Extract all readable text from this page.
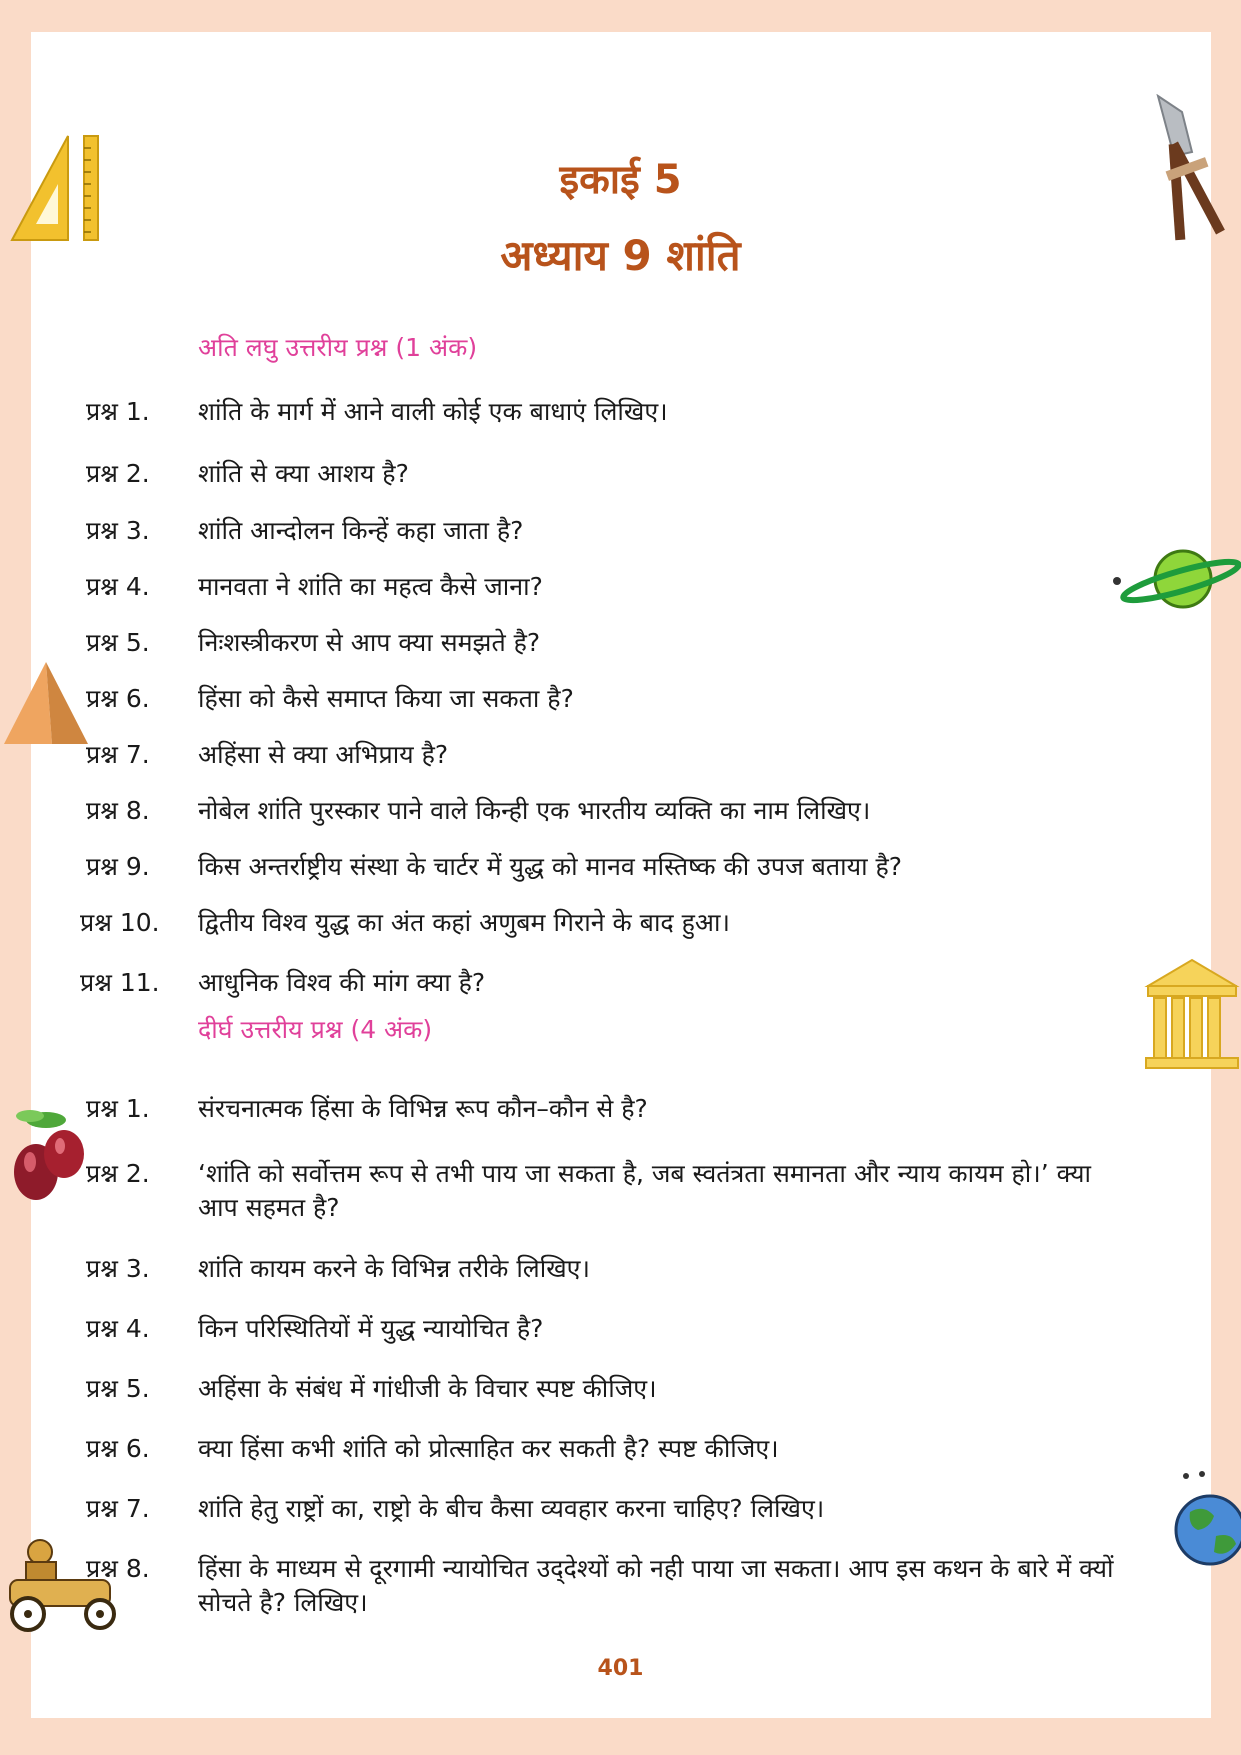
इकाई 5
अध्याय 9 शांति
अति लघु उत्तरीय प्रश्न (1 अंक)
प्रश्न 1.	शांति के मार्ग में आने वाली कोई एक बाधाएं लिखिए।
प्रश्न 2.	शांति से क्या आशय है?
प्रश्न 3.	शांति आन्दोलन किन्हें कहा जाता है?
प्रश्न 4.	मानवता ने शांति का महत्व कैसे जाना?
प्रश्न 5.	निःशस्त्रीकरण से आप क्या समझते है?
प्रश्न 6.	हिंसा को कैसे समाप्त किया जा सकता है?
प्रश्न 7.	अहिंसा से क्या अभिप्राय है?
प्रश्न 8.	नोबेल शांति पुरस्कार पाने वाले किन्ही एक भारतीय व्यक्ति का नाम लिखिए।
प्रश्न 9.	किस अन्तर्राष्ट्रीय संस्था के चार्टर में युद्ध को मानव मस्तिष्क की उपज बताया है?
प्रश्न 10.	द्वितीय विश्व युद्ध का अंत कहां अणुबम गिराने के बाद हुआ।
प्रश्न 11.	आधुनिक विश्व की मांग क्या है?
दीर्घ उत्तरीय प्रश्न (4 अंक)
प्रश्न 1.	संरचनात्मक हिंसा के विभिन्न रूप कौन–कौन से है?
प्रश्न 2.	‘शांति को सर्वोत्तम रूप से तभी पाय जा सकता है, जब स्वतंत्रता समानता और न्याय कायम हो।’ क्या आप सहमत है?
प्रश्न 3.	शांति कायम करने के विभिन्न तरीके लिखिए।
प्रश्न 4.	किन परिस्थितियों में युद्ध न्यायोचित है?
प्रश्न 5.	अहिंसा के संबंध में गांधीजी के विचार स्पष्ट कीजिए।
प्रश्न 6.	क्या हिंसा कभी शांति को प्रोत्साहित कर सकती है? स्पष्ट कीजिए।
प्रश्न 7.	शांति हेतु राष्ट्रों का, राष्ट्रो के बीच कैसा व्यवहार करना चाहिए? लिखिए।
प्रश्न 8.	हिंसा के माध्यम से दूरगामी न्यायोचित उद्‌देश्यों को नही पाया जा सकता। आप इस कथन के बारे में क्यों सोचते है? लिखिए।
401
